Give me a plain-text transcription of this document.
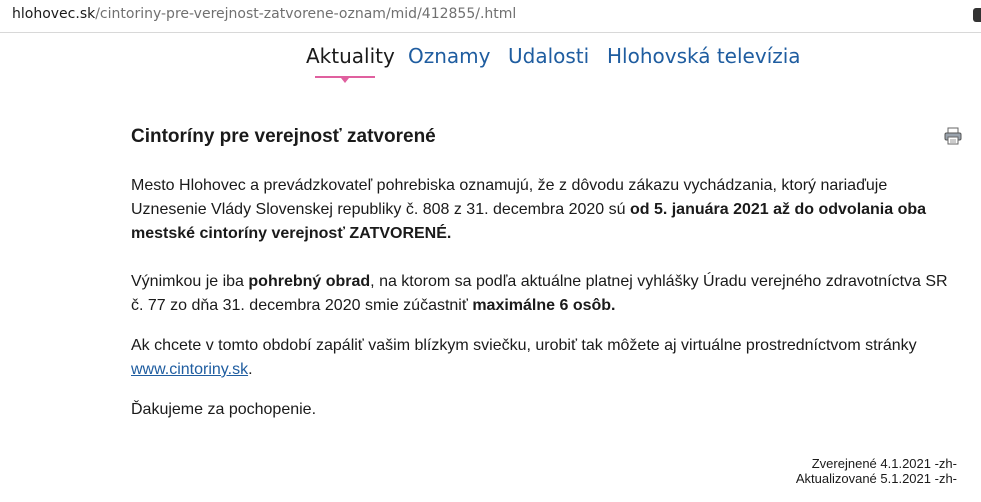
hlohovec.sk/cintoriny-pre-verejnost-zatvorene-oznam/mid/412855/.html
Aktuality Oznamy Udalosti Hlohovská televízia
Cintoríny pre verejnosť zatvorené

Mesto Hlohovec a prevádzkovateľ pohrebiska oznamujú, že z dôvodu zákazu vychádzania, ktorý nariaďuje Uznesenie Vlády Slovenskej republiky č. 808 z 31. decembra 2020 sú od 5. januára 2021 až do odvolania oba mestské cintoríny verejnosť ZATVORENÉ.

Výnimkou je iba pohrebný obrad, na ktorom sa podľa aktuálne platnej vyhlášky Úradu verejného zdravotníctva SR č. 77 zo dňa 31. decembra 2020 smie zúčastniť maximálne 6 osôb.

Ak chcete v tomto období zapáliť vašim blízkym sviečku, urobiť tak môžete aj virtuálne prostredníctvom stránky www.cintoriny.sk.

Ďakujeme za pochopenie.

Zverejnené 4.1.2021 -zh-
Aktualizované 5.1.2021 -zh-
